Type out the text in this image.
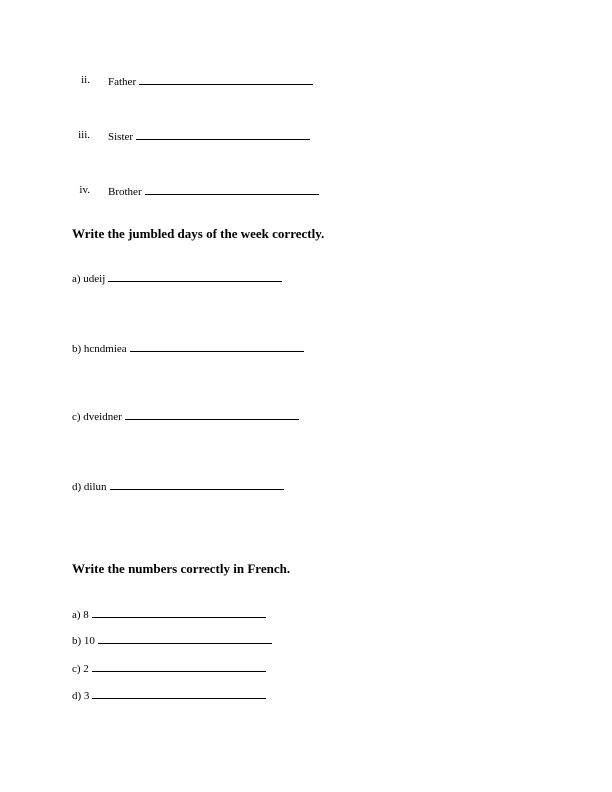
ii. Father
iii. Sister
iv. Brother
Write the jumbled days of the week correctly.
a) udeij
b) hcndmiea
c) dveidner
d) dilun
Write the numbers correctly in French.
a) 8
b) 10
c) 2
d) 3
